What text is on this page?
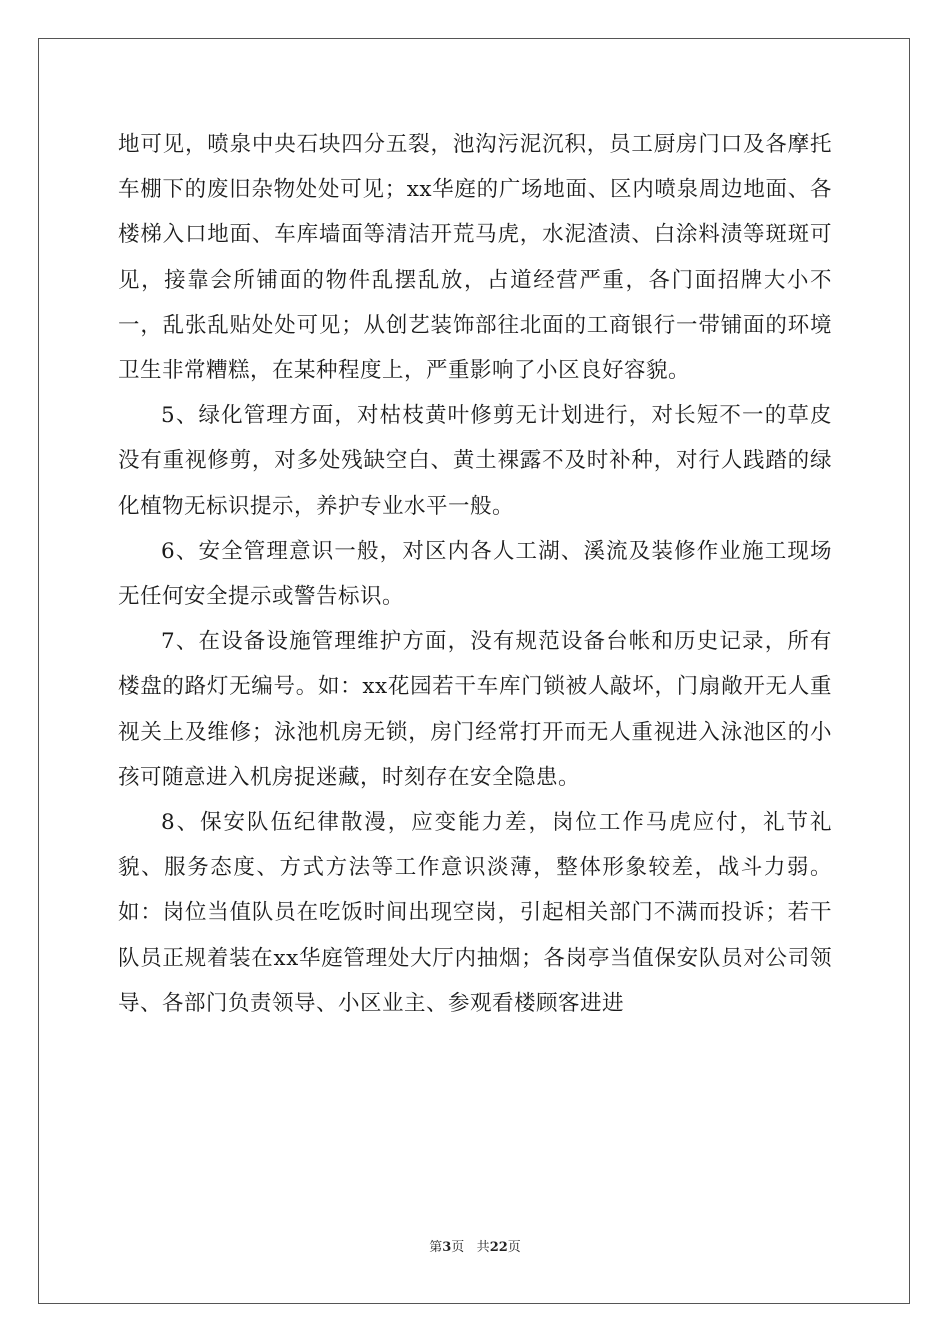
地可见，喷泉中央石块四分五裂，池沟污泥沉积，员工厨房门口及各摩托车棚下的废旧杂物处处可见；xx华庭的广场地面、区内喷泉周边地面、各楼梯入口地面、车库墙面等清洁开荒马虎，水泥渣渍、白涂料渍等斑斑可见，接靠会所铺面的物件乱摆乱放，占道经营严重，各门面招牌大小不一，乱张乱贴处处可见；从创艺装饰部往北面的工商银行一带铺面的环境卫生非常糟糕，在某种程度上，严重影响了小区良好容貌。

5、绿化管理方面，对枯枝黄叶修剪无计划进行，对长短不一的草皮没有重视修剪，对多处残缺空白、黄土裸露不及时补种，对行人践踏的绿化植物无标识提示，养护专业水平一般。

6、安全管理意识一般，对区内各人工湖、溪流及装修作业施工现场无任何安全提示或警告标识。

7、在设备设施管理维护方面，没有规范设备台帐和历史记录，所有楼盘的路灯无编号。如：xx花园若干车库门锁被人敲坏，门扇敞开无人重视关上及维修；泳池机房无锁，房门经常打开而无人重视进入泳池区的小孩可随意进入机房捉迷藏，时刻存在安全隐患。

8、保安队伍纪律散漫，应变能力差，岗位工作马虎应付，礼节礼貌、服务态度、方式方法等工作意识淡薄，整体形象较差，战斗力弱。如：岗位当值队员在吃饭时间出现空岗，引起相关部门不满而投诉；若干队员正规着装在xx华庭管理处大厅内抽烟；各岗亭当值保安队员对公司领导、各部门负责领导、小区业主、参观看楼顾客进进

第3页 共22页
